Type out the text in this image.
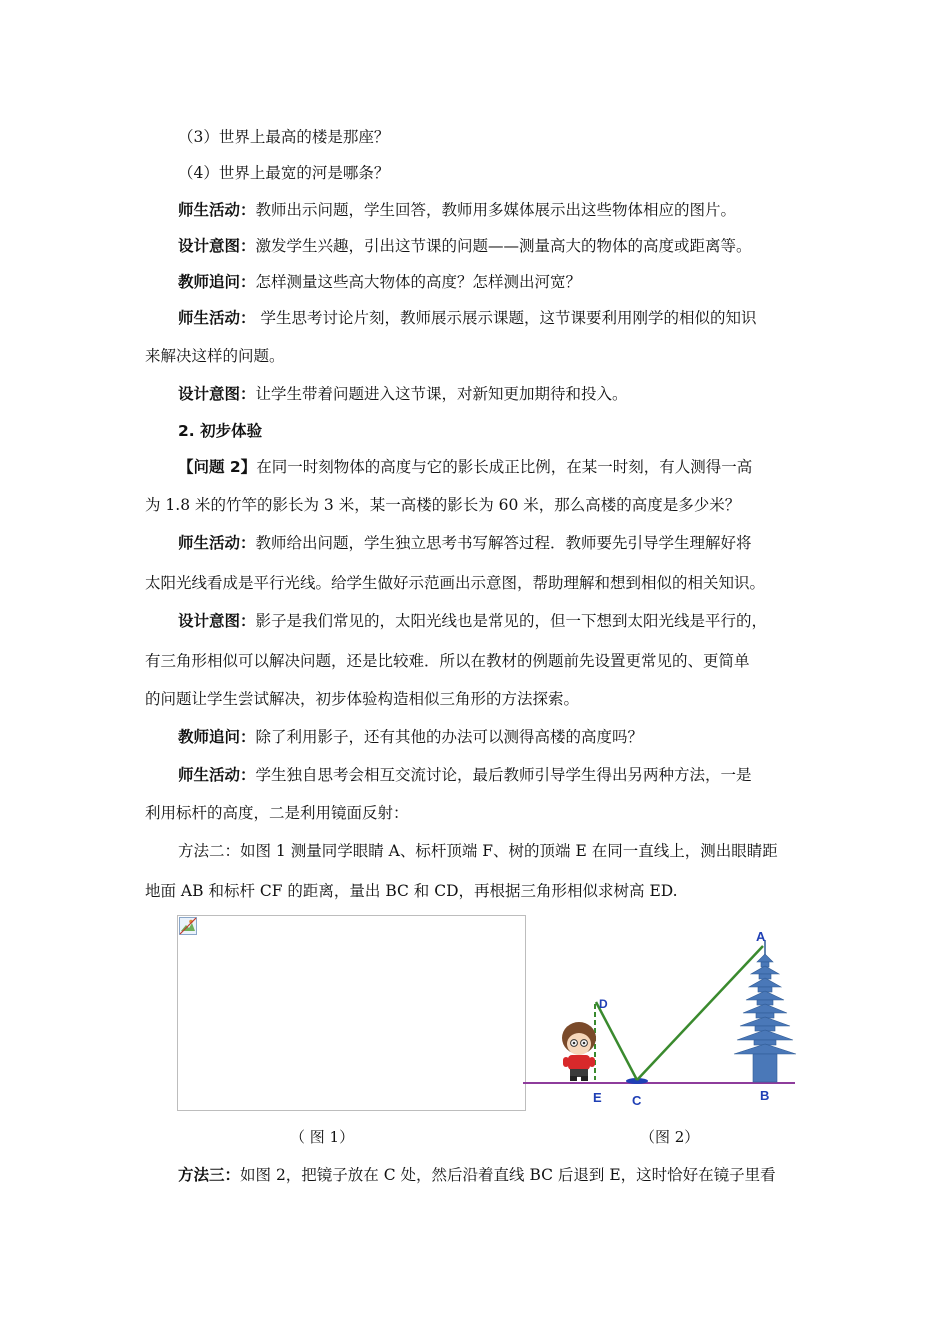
（3）世界上最高的楼是那座？
（4）世界上最宽的河是哪条？
师生活动：教师出示问题，学生回答，教师用多媒体展示出这些物体相应的图片。
设计意图：激发学生兴趣，引出这节课的问题——测量高大的物体的高度或距离等。
教师追问：怎样测量这些高大物体的高度？怎样测出河宽？
师生活动： 学生思考讨论片刻，教师展示展示课题，这节课要利用刚学的相似的知识
来解决这样的问题。
设计意图：让学生带着问题进入这节课，对新知更加期待和投入。
2. 初步体验
【问题 2】在同一时刻物体的高度与它的影长成正比例，在某一时刻，有人测得一高
为 1.8 米的竹竿的影长为 3 米，某一高楼的影长为 60 米，那么高楼的高度是多少米？
师生活动：教师给出问题，学生独立思考书写解答过程．教师要先引导学生理解好将
太阳光线看成是平行光线。给学生做好示范画出示意图，帮助理解和想到相似的相关知识。
设计意图：影子是我们常见的，太阳光线也是常见的，但一下想到太阳光线是平行的，
有三角形相似可以解决问题，还是比较难．所以在教材的例题前先设置更常见的、更简单
的问题让学生尝试解决，初步体验构造相似三角形的方法探索。
教师追问：除了利用影子，还有其他的办法可以测得高楼的高度吗？
师生活动：学生独自思考会相互交流讨论，最后教师引导学生得出另两种方法，一是
利用标杆的高度，二是利用镜面反射：
方法二：如图 1 测量同学眼睛 A、标杆顶端 F、树的顶端 E 在同一直线上，测出眼睛距
地面 AB 和标杆 CF 的距离，量出 BC 和 CD，再根据三角形相似求树高 ED.
A
D
E C	B
（ 图 1）	（图 2）
方法三：如图 2，把镜子放在 C 处，然后沿着直线 BC 后退到 E，这时恰好在镜子里看
